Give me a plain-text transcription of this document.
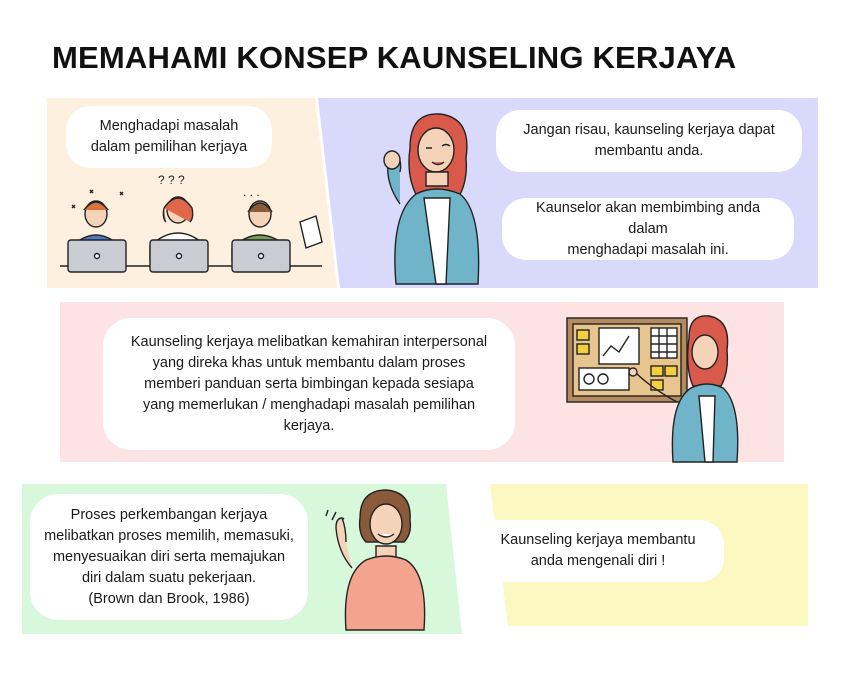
MEMAHAMI KONSEP KAUNSELING KERJAYA
Menghadapi masalah
dalam pemilihan kerjaya
? ? ?
. . .
Jangan risau, kaunseling kerjaya dapat
membantu anda.
Kaunselor akan membimbing anda dalam
menghadapi masalah ini.
Kaunseling kerjaya melibatkan kemahiran interpersonal
yang direka khas untuk membantu dalam proses
memberi panduan serta bimbingan kepada sesiapa
yang memerlukan / menghadapi masalah pemilihan
kerjaya.
Proses perkembangan kerjaya
melibatkan proses memilih, memasuki,
menyesuaikan diri serta memajukan
diri dalam suatu pekerjaan.
(Brown dan Brook, 1986)
Kaunseling kerjaya membantu
anda mengenali diri !
